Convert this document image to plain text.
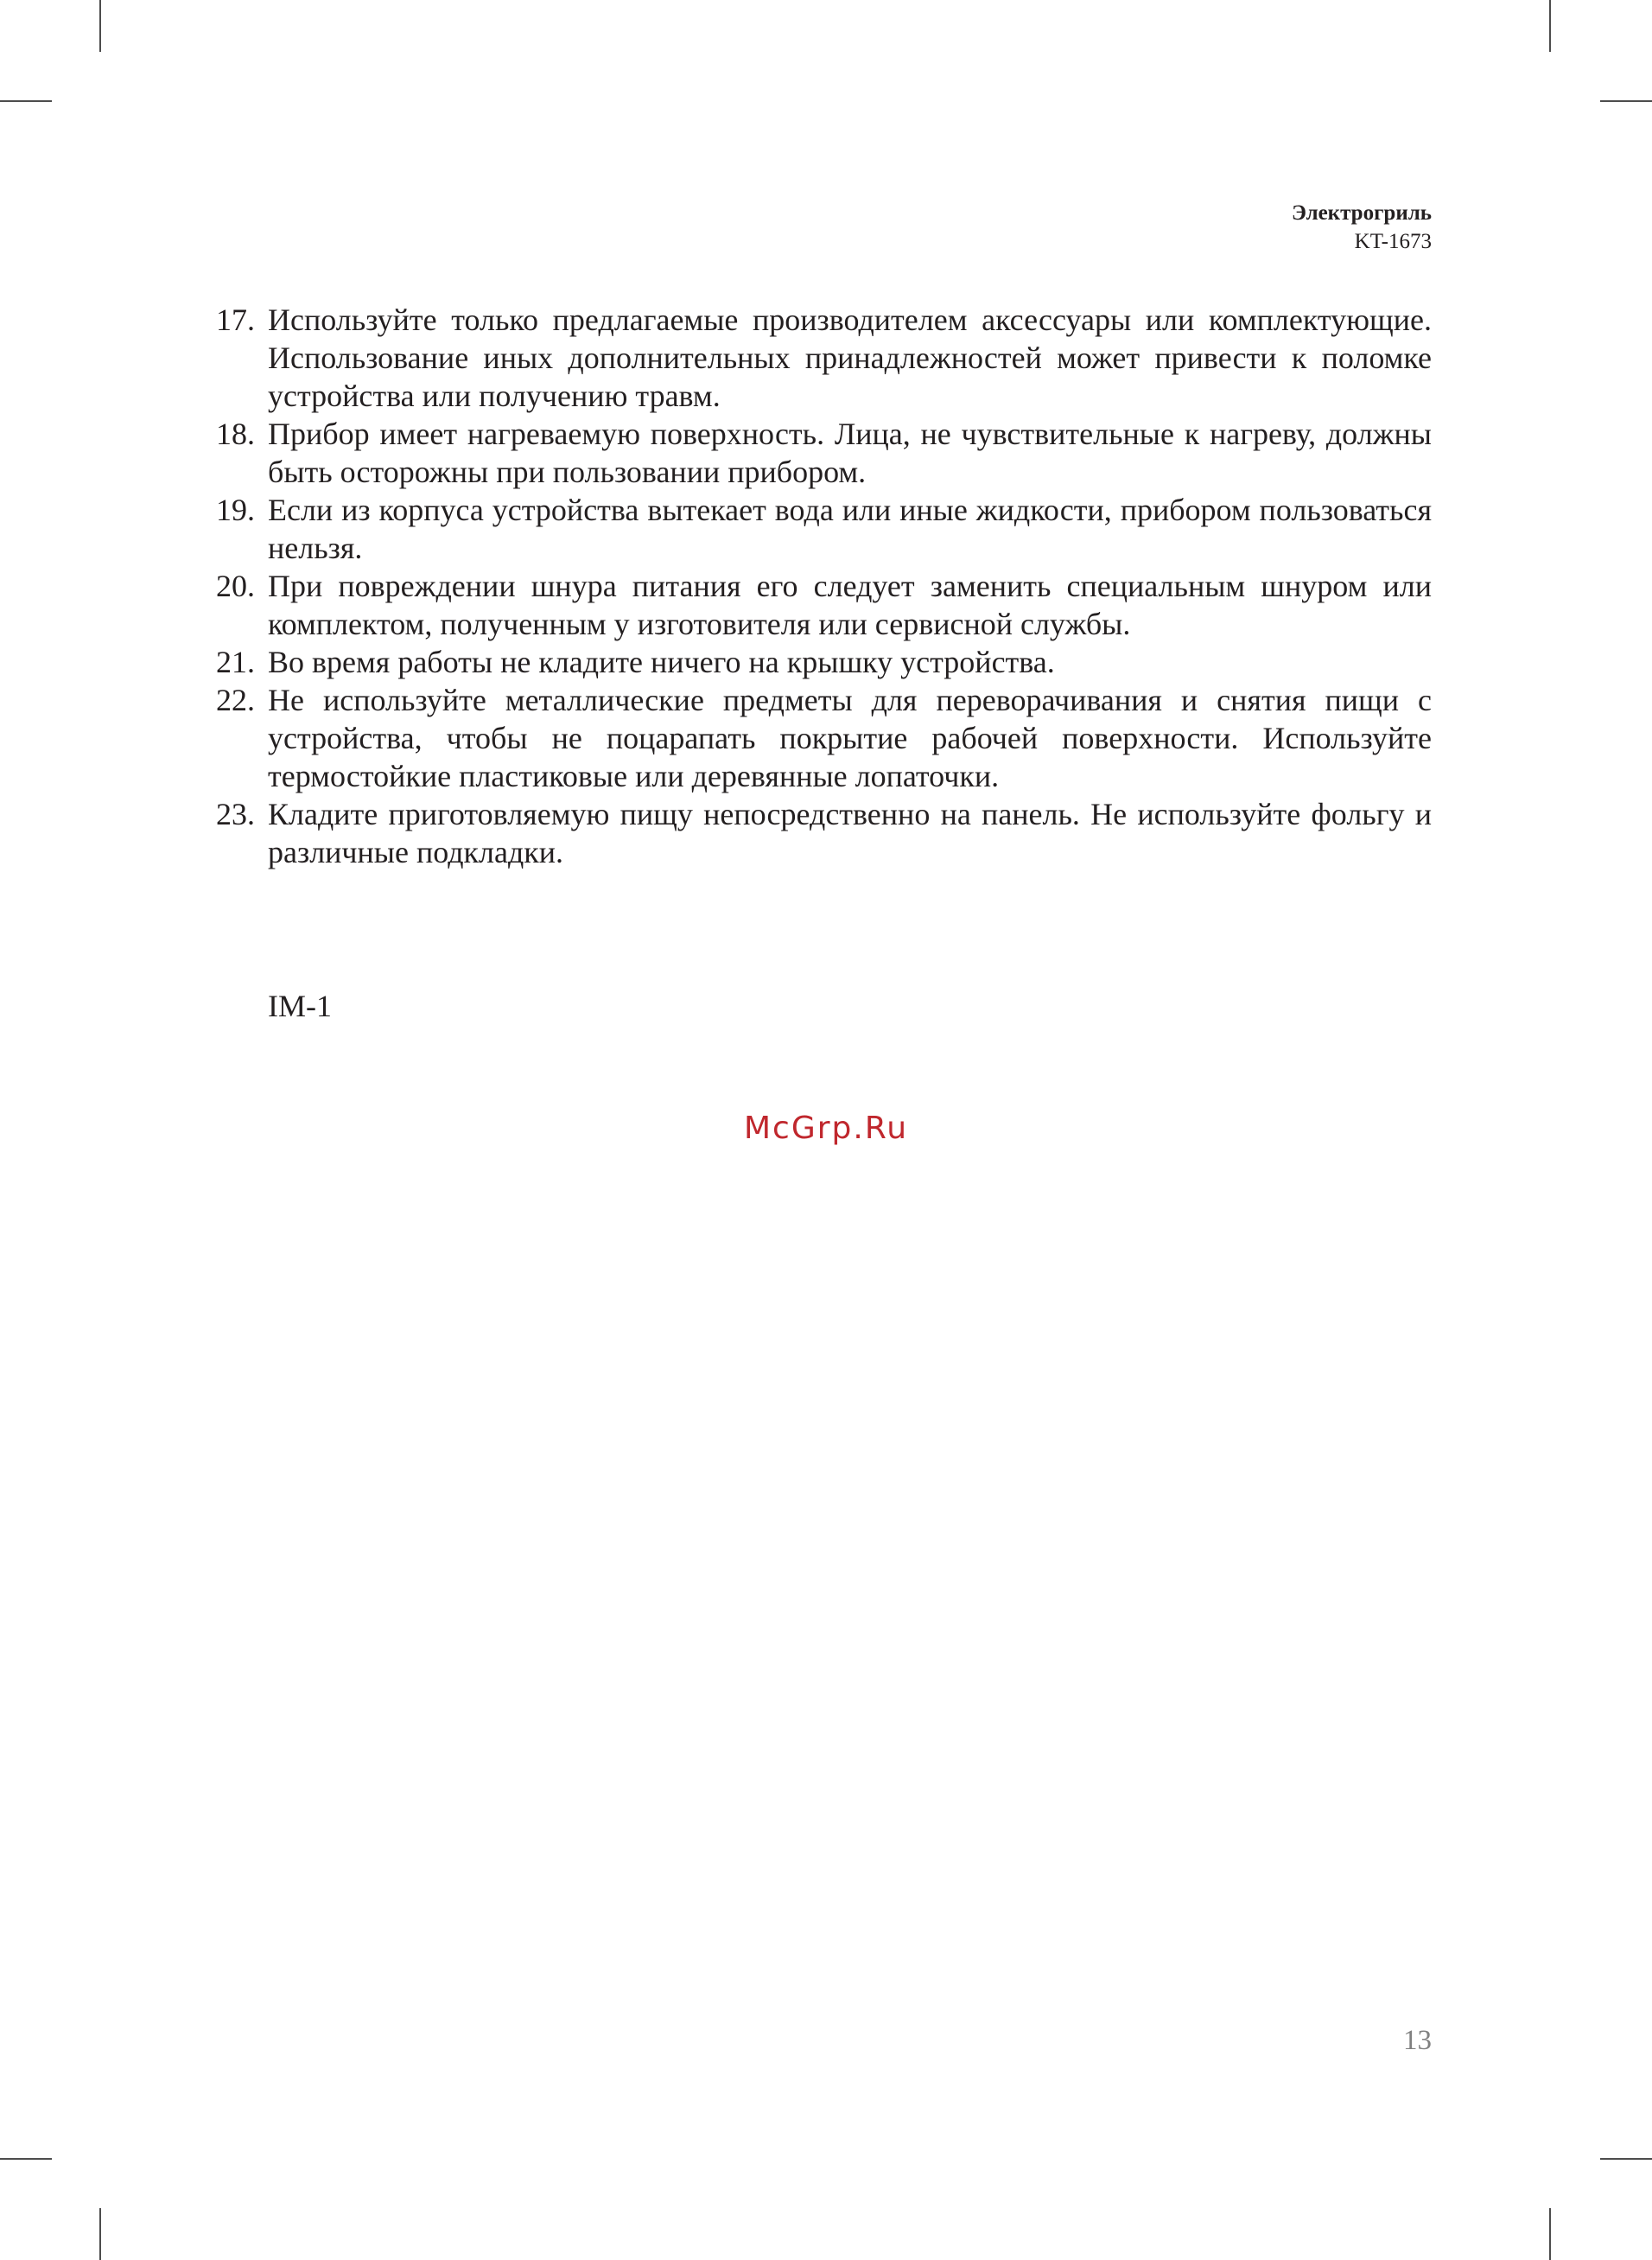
Электрогриль
KT-1673
17. Используйте только предлагаемые производителем аксессуары или комплектующие. Использование иных дополнительных принадлежностей может привести к поломке устройства или получению травм.
18. Прибор имеет нагреваемую поверхность. Лица, не чувствительные к нагреву, должны быть осторожны при пользовании прибором.
19. Если из корпуса устройства вытекает вода или иные жидкости, прибором пользоваться нельзя.
20. При повреждении шнура питания его следует заменить специальным шнуром или комплектом, полученным у изготовителя или сервисной службы.
21. Во время работы не кладите ничего на крышку устройства.
22. Не используйте металлические предметы для переворачивания и снятия пищи с устройства, чтобы не поцарапать покрытие рабочей поверхности. Используйте термостойкие пластиковые или деревянные лопаточки.
23. Кладите приготовляемую пищу непосредственно на панель. Не используйте фольгу и различные подкладки.
IM-1
McGrp.Ru
13
